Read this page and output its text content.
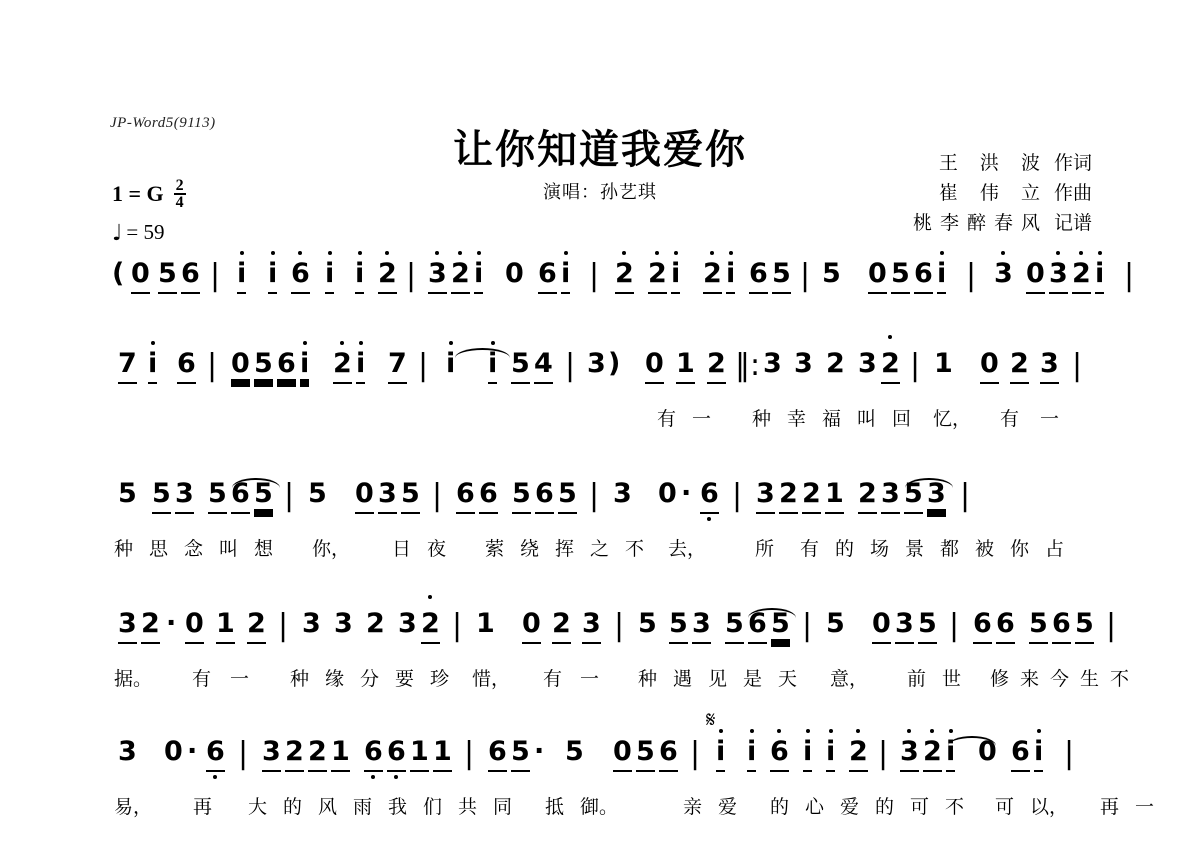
JP-Word5(9113)
让你知道我爱你
演唱：孙艺琪
王 洪 波 作词
崔 伟 立 作曲
桃李醉春风 记谱
1 = G $\frac{2}{4}$
♩ = 59
( 0 5 6 | i i 6 i i 2 | 3 2 i 0 6 i | 2 2 i 2 i 6 5 | 5 0 5 6 i | 3 0 3 2 i |
7 i 6 | 0 5 6 i 2 i 7 | i i 5 4 | 3 ) 0 1 2 ‖: 3 3 2 3 2 | 1 0 2 3 |
有 一 种 幸 福 叫 回 忆， 有 一
5 5 3 5 6 5 | 5 0 3 5 | 6 6 5 6 5 | 3 0 · 6 | 3 2 2 1 2 3 5 3 |
种 思 念 叫 想 你， 日 夜 萦 绕 挥 之 不 去，	所 有 的 场 景 都 被 你 占
3 2 · 0 1 2 | 3 3 2 3 2 | 1 0 2 3 | 5 5 3 5 6 5 | 5 0 3 5 | 6 6 5 6 5 |
据。 有 一 种 缘 分 要 珍 惜， 有 一 种 遇 见 是 天 意， 前 世 修 来 今 生 不
3 0 · 6 | 3 2 2 1 6 6 1 1 | 6 5 · 5 0 5 6 | i i 6 i i 2 | 3 2 i 0 6 i |
易， 再 大 的 风 雨 我 们 共 同 抵 御。	亲 爱 的 心 爱 的 可 不 可 以， 再 一
𝄋
